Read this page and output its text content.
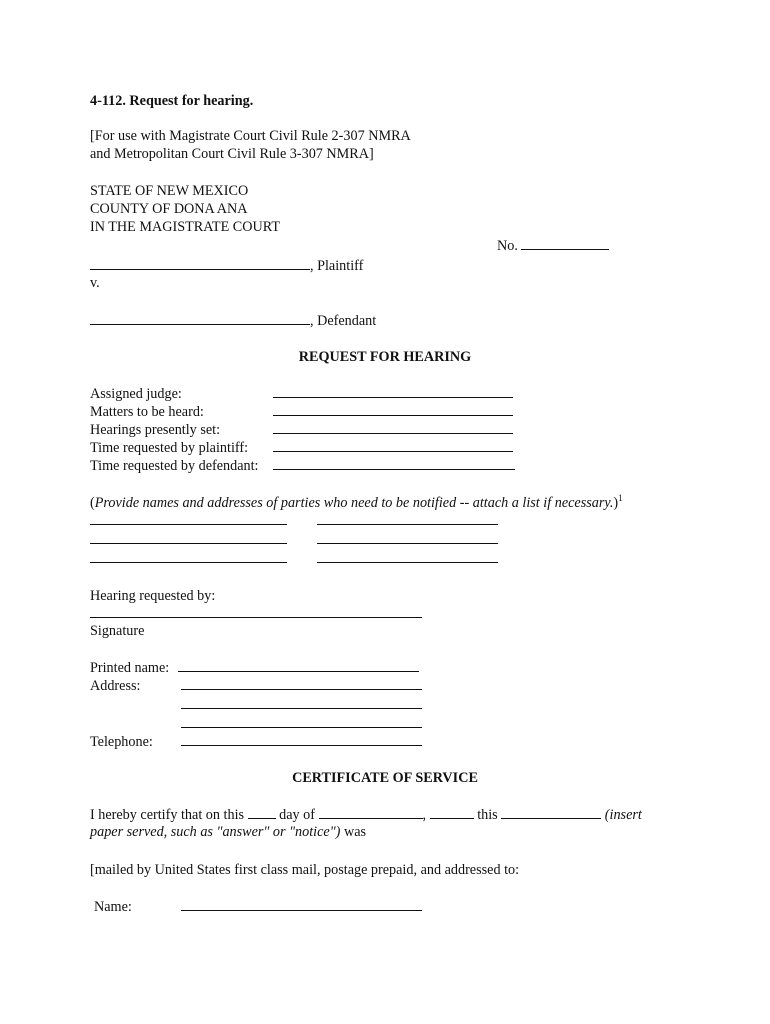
4-112. Request for hearing.
[For use with Magistrate Court Civil Rule 2-307 NMRA
and Metropolitan Court Civil Rule 3-307 NMRA]
STATE OF NEW MEXICO
COUNTY OF DONA ANA
IN THE MAGISTRATE COURT
No.
, Plaintiff
v.
, Defendant
REQUEST FOR HEARING
Assigned judge:
Matters to be heard:
Hearings presently set:
Time requested by plaintiff:
Time requested by defendant:
(Provide names and addresses of parties who need to be notified -- attach a list if necessary.)$^1$
Hearing requested by:
Signature
Printed name:
Address:
Telephone:
CERTIFICATE OF SERVICE
I hereby certify that on this day of	,	this	(insert
paper served, such as "answer" or "notice") was
[mailed by United States first class mail, postage prepaid, and addressed to:
Name:
